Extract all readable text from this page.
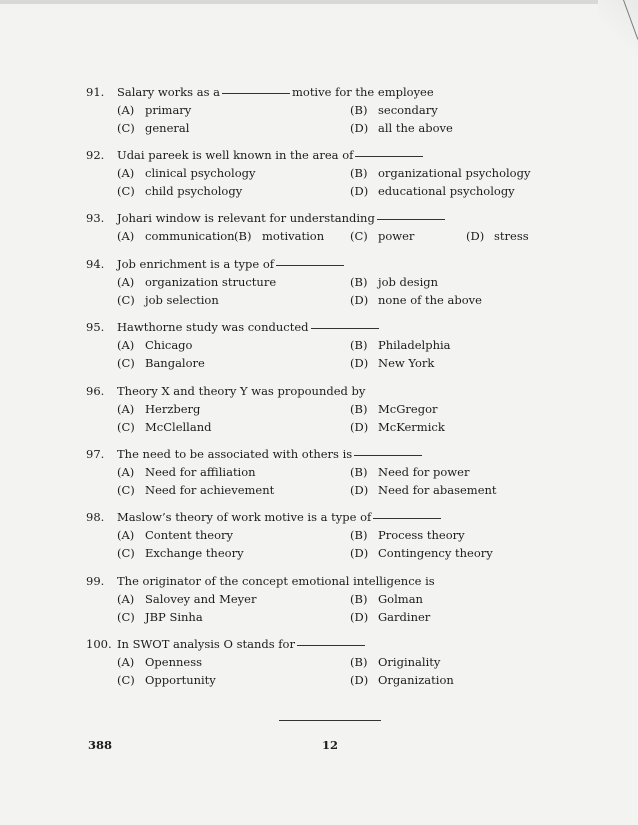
91. Salary works as a	motive for the employee
(A) primary	(B) secondary
(C) general	(D) all the above
92. Udai pareek is well known in the area of
(A) clinical psychology	(B) organizational psychology
(C) child psychology	(D) educational psychology
93. Johari window is relevant for understanding
(A) communication (B) motivation (C) power	(D) stress
94. Job enrichment is a type of
(A) organization structure	(B) job design
(C) job selection	(D) none of the above
95. Hawthorne study was conducted
(A) Chicago	(B) Philadelphia
(C) Bangalore	(D) New York
96. Theory X and theory Y was propounded by
(A) Herzberg	(B) McGregor
(C) McClelland	(D) McKermick
97. The need to be associated with others is
(A) Need for affiliation	(B) Need for power
(C) Need for achievement	(D) Need for abasement
98. Maslow’s theory of work motive is a type of
(A) Content theory	(B) Process theory
(C) Exchange theory	(D) Contingency theory
99. The originator of the concept emotional intelligence is
(A) Salovey and Meyer	(B) Golman
(C) JBP Sinha	(D) Gardiner
100. In SWOT analysis O stands for
(A) Openness	(B) Originality
(C) Opportunity	(D) Organization
388	12
